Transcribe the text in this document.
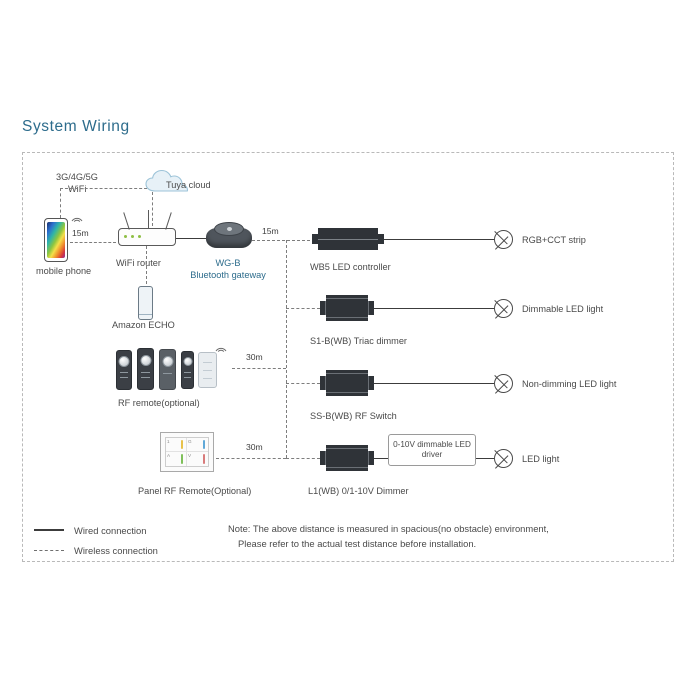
System Wiring
mobile phone
3G/4G/5G
WiFi	Tuya cloud
15m
WiFi router
Amazon ECHO
WG-B
Bluetooth gateway
15m
RF remote(optional)
30m
1	G
A	V
Panel RF Remote(Optional)
30m
WB5 LED controller
RGB+CCT strip
S1-B(WB) Triac dimmer
Dimmable LED light
SS-B(WB) RF Switch
Non-dimming LED light
L1(WB) 0/1-10V Dimmer
0-10V dimmable LED driver	LED light
Wired connection
Wireless connection
Note: The above distance is measured in spacious(no obstacle) environment,
Please refer to the actual test distance before installation.
